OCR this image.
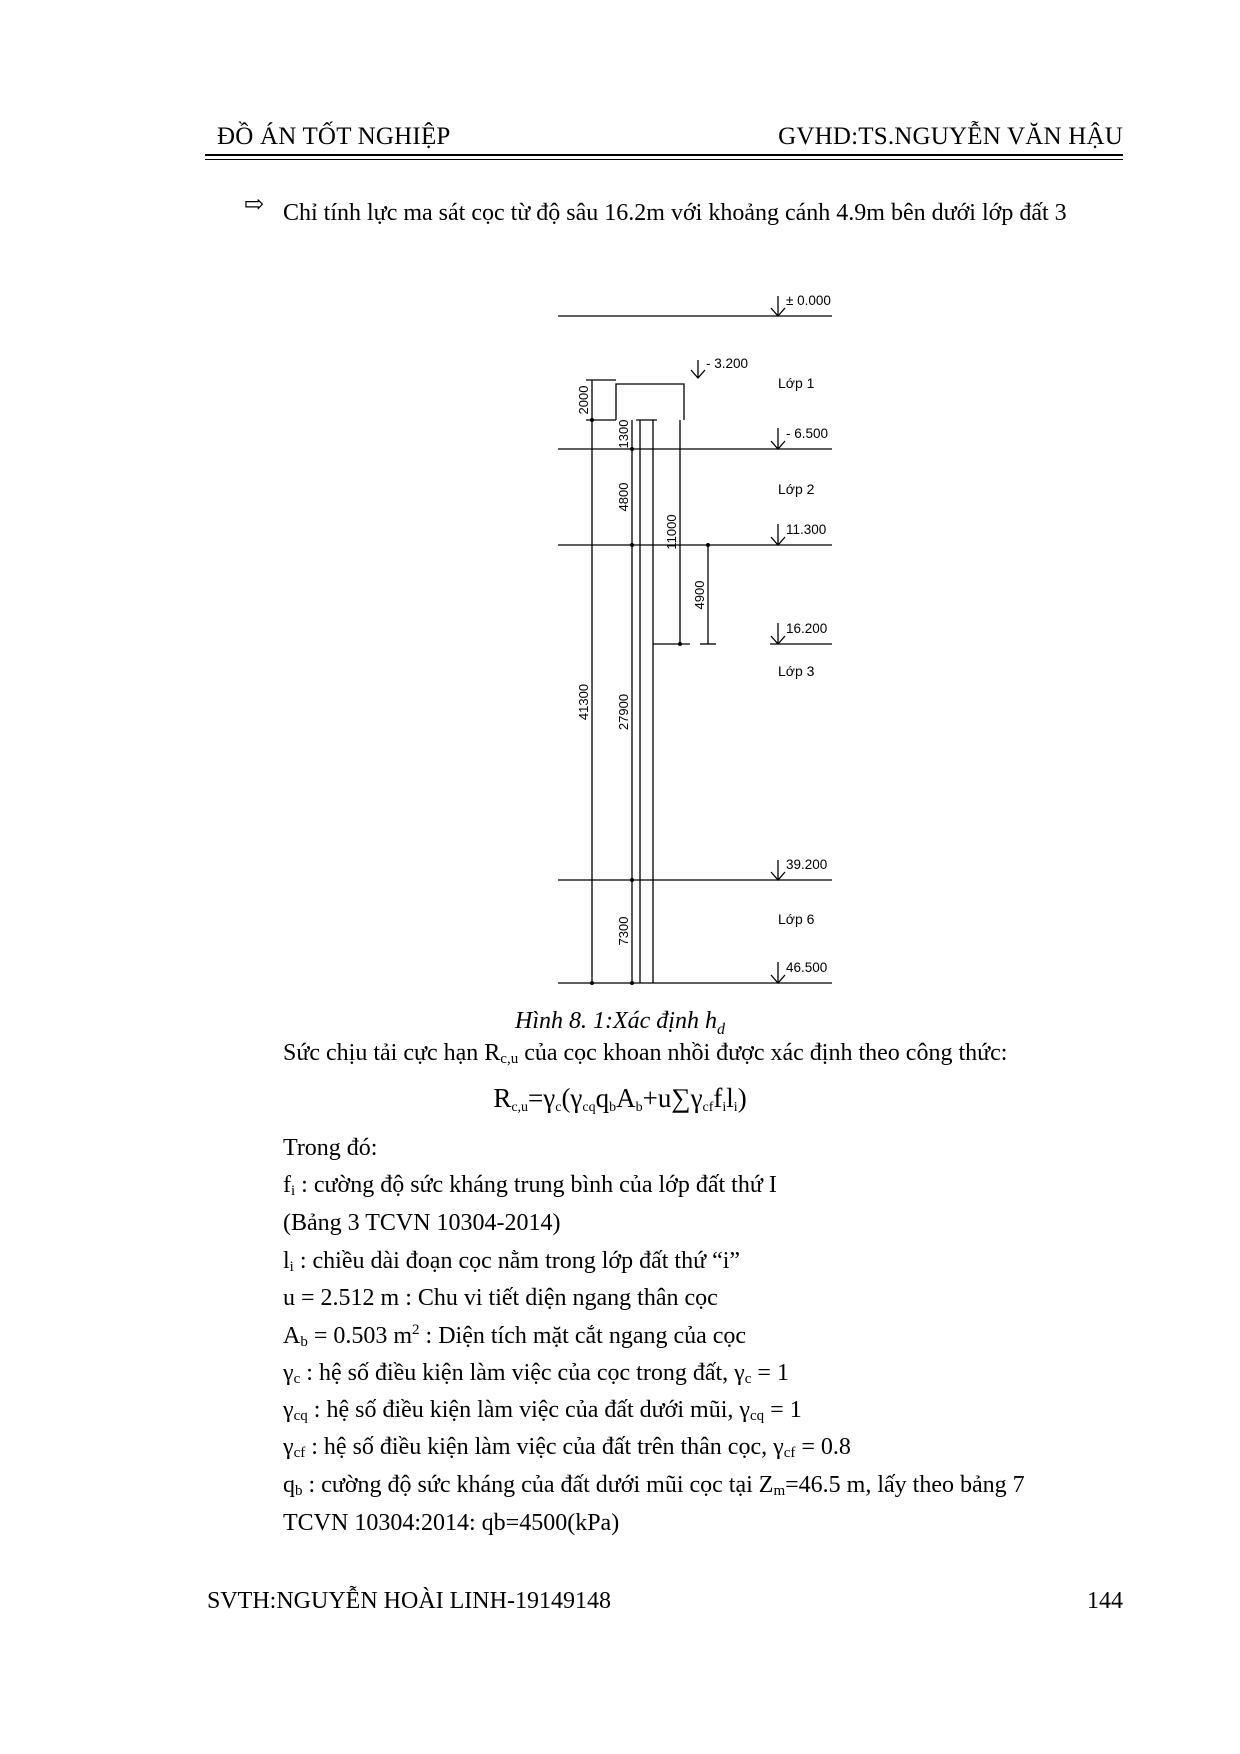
ĐỒ ÁN TỐT NGHIỆP	GVHD:TS.NGUYỄN VĂN HẬU
⇨ Chỉ tính lực ma sát cọc từ độ sâu 16.2m với khoảng cánh 4.9m bên dưới lớp đất 3
± 0.000
- 3.200
- 6.500
11.300
16.200
39.200
46.500
Lớp 1
Lớp 2
Lớp 3
Lớp 6
2000
1300
4800
11000
4900
41300 27900
7300
Hình 8. 1:Xác định $h_d$
Sức chịu tải cực hạn $R_{c,u}$ của cọc khoan nhồi được xác định theo công thức:
Rc,u=γc(γcqqbAb+u∑γcffili)
Trong đó:
$f_i$ : cường độ sức kháng trung bình của lớp đất thứ I
(Bảng 3 TCVN 10304-2014)
$l_i$ : chiều dài đoạn cọc nằm trong lớp đất thứ “i”
u = 2.512 m : Chu vi tiết diện ngang thân cọc
$A_b = 0.503$ $m^2$ : Diện tích mặt cắt ngang của cọc
$\gamma_c$ : hệ số điều kiện làm việc của cọc trong đất, $\gamma_c = 1$
$\gamma_{cq}$ : hệ số điều kiện làm việc của đất dưới mũi, $\gamma_{cq} = 1$
$\gamma_{cf}$ : hệ số điều kiện làm việc của đất trên thân cọc, $\gamma_{cf} = 0.8$
$q_b$ : cường độ sức kháng của đất dưới mũi cọc tại $Z_m=46.5$ m, lấy theo bảng 7
TCVN 10304:2014: qb=4500(kPa)
SVTH:NGUYỄN HOÀI LINH-19149148	144
